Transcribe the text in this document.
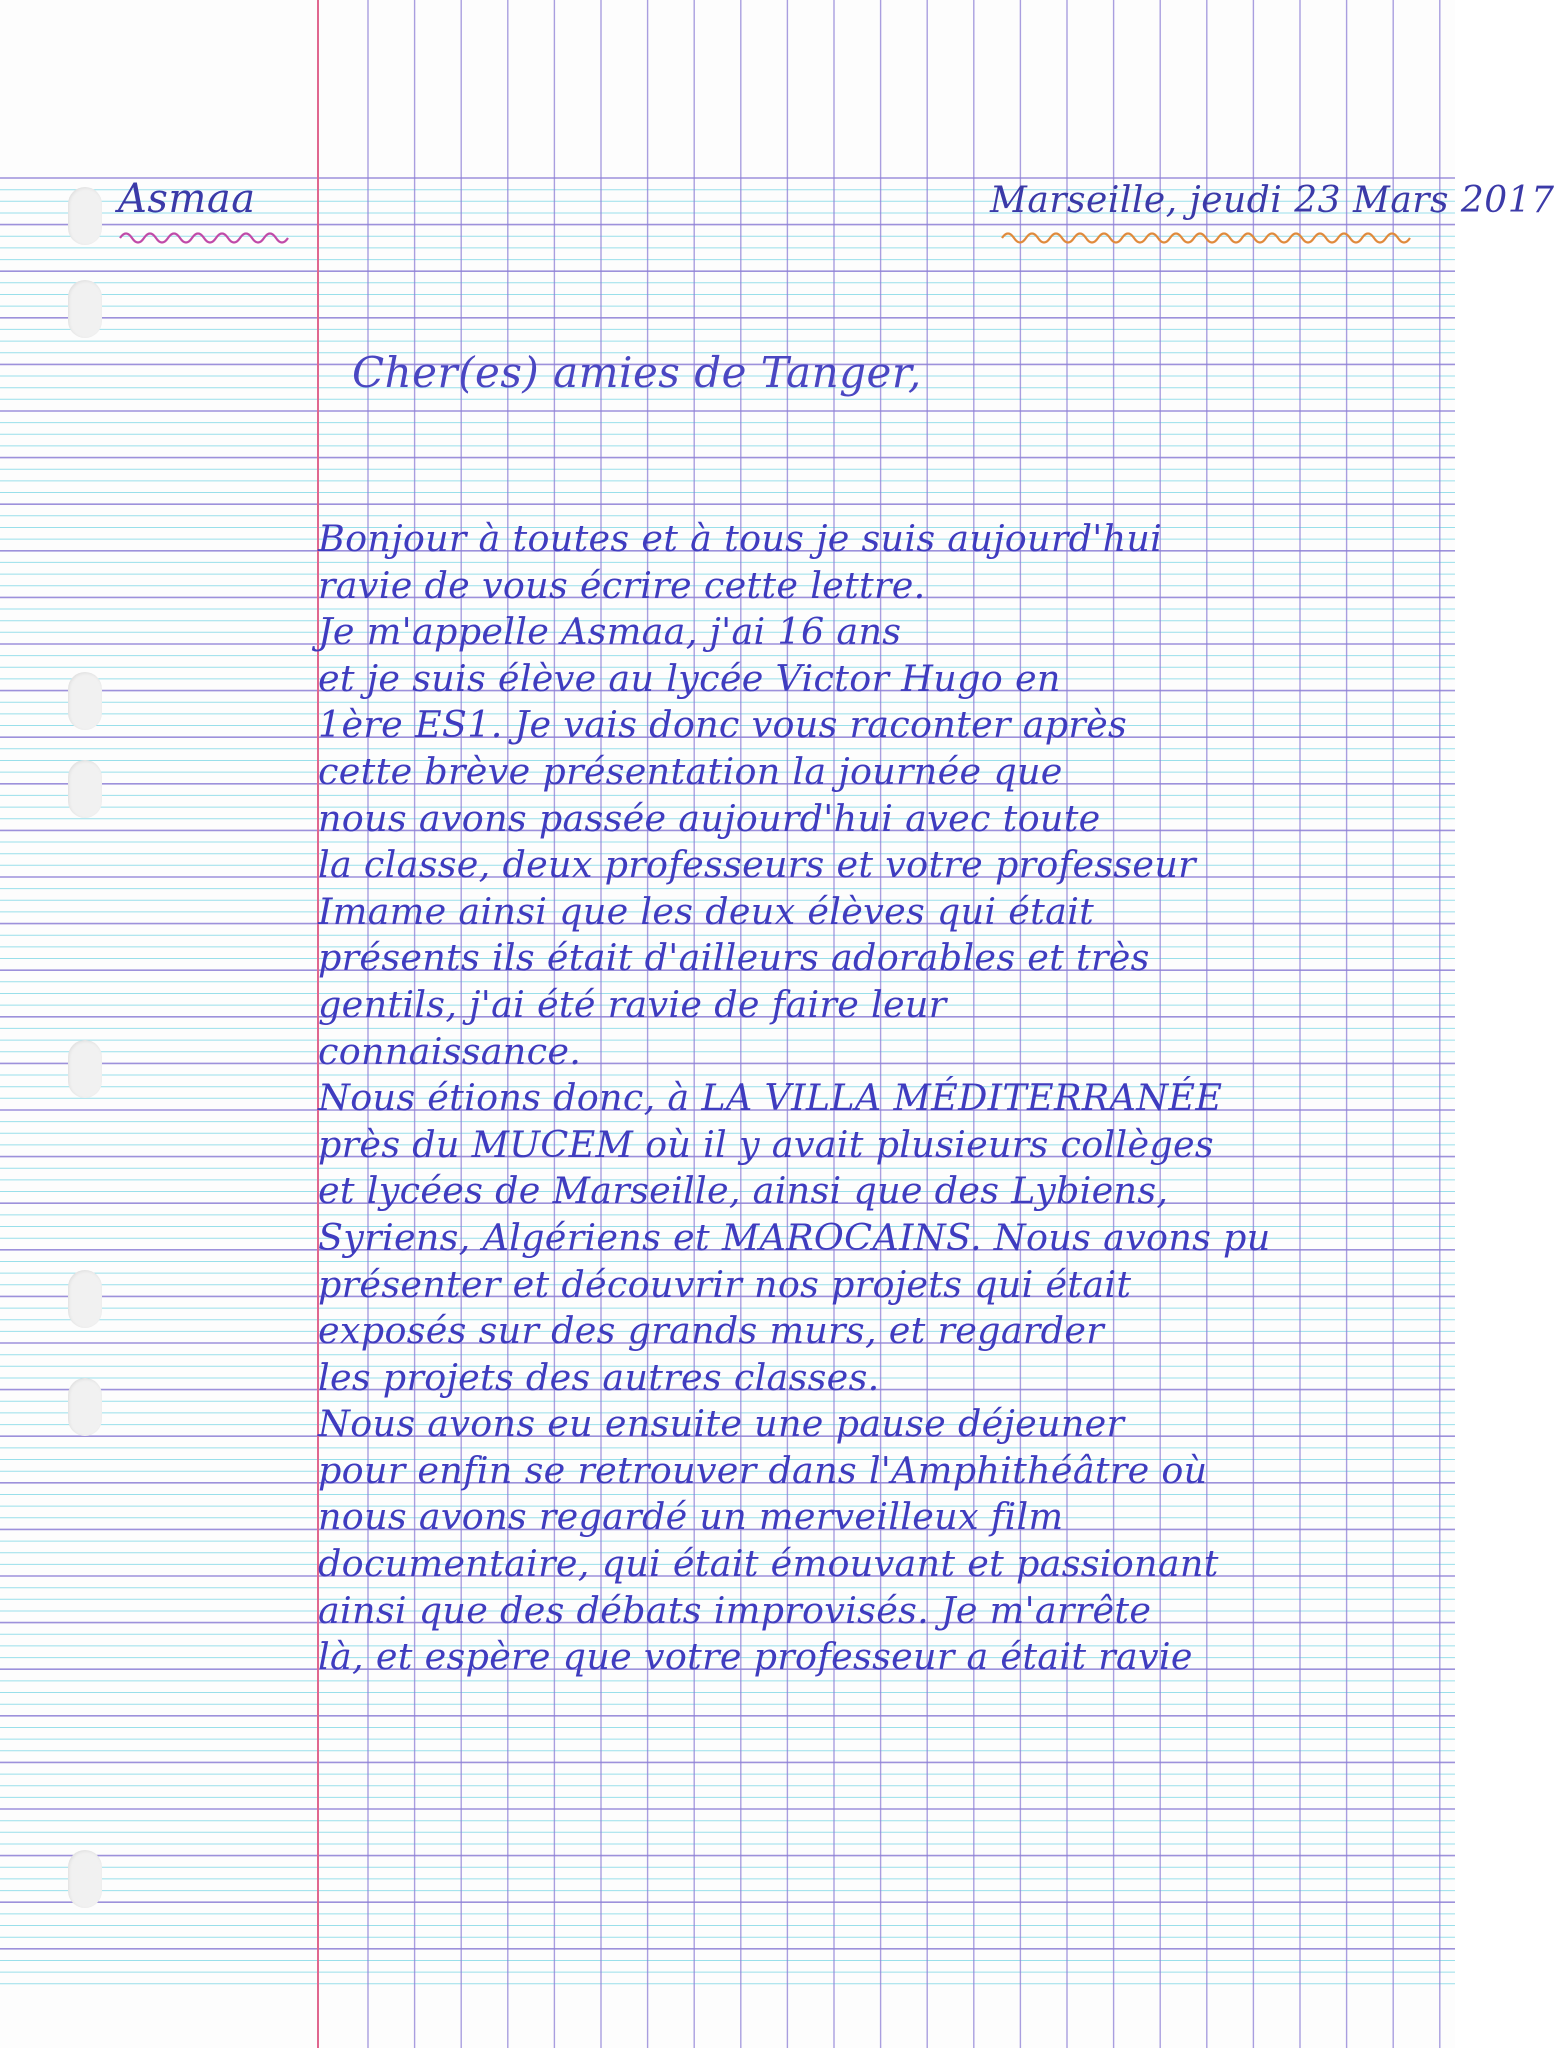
Asmaa	Marseille, jeudi 23 Mars 2017
Cher(es) amies de Tanger,
Bonjour à toutes et à tous je suis aujourd'hui
ravie de vous écrire cette lettre.
Je m'appelle Asmaa, j'ai 16 ans
et je suis élève au lycée Victor Hugo en
1ère ES1. Je vais donc vous raconter après
cette brève présentation la journée que
nous avons passée aujourd'hui avec toute
la classe, deux professeurs et votre professeur
Imame ainsi que les deux élèves qui était
présents ils était d'ailleurs adorables et très
gentils, j'ai été ravie de faire leur
connaissance.
Nous étions donc, à LA VILLA MÉDITERRANÉE
près du MUCEM où il y avait plusieurs collèges
et lycées de Marseille, ainsi que des Lybiens,
Syriens, Algériens et MAROCAINS. Nous avons pu
présenter et découvrir nos projets qui était
exposés sur des grands murs, et regarder
les projets des autres classes.
Nous avons eu ensuite une pause déjeuner
pour enfin se retrouver dans l'Amphithéâtre où
nous avons regardé un merveilleux film
documentaire, qui était émouvant et passionant
ainsi que des débats improvisés. Je m'arrête
là, et espère que votre professeur a était ravie
